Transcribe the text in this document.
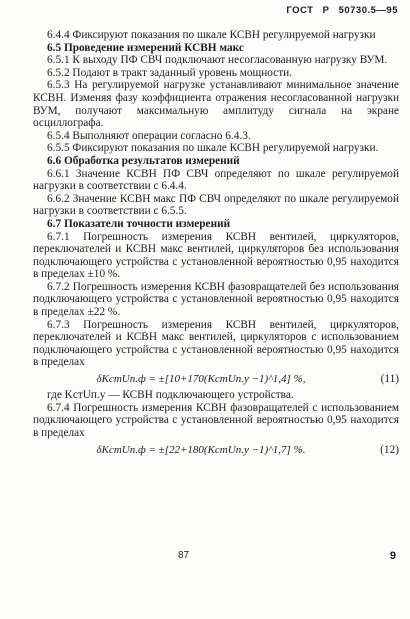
ГОСТ Р 50730.5—95

6.4.4 Фиксируют показания по шкале КСВН регулируемой нагрузки

6.5 Проведение измерений КСВН макс

6.5.1 К выходу ПФ СВЧ подключают несогласованную нагрузку ВУМ.

6.5.2 Подают в тракт заданный уровень мощности.

6.5.3 На регулируемой нагрузке устанавливают минимальное значение КСВН. Изменяя фазу коэффициента отражения несогласованной нагрузки ВУМ, получают максимальную амплитуду сигнала на экране осциллографа.

6.5.4 Выполняют операции согласно 6.4.3.

6.5.5 Фиксируют показания по шкале КСВН регулируемой нагрузки.

6.6 Обработка результатов измерений

6.6.1 Значение КСВН ПФ СВЧ определяют по шкале регулируемой нагрузки в соответствии с 6.4.4.

6.6.2 Значение КСВН макс ПФ СВЧ определяют по шкале регулируемой нагрузки в соответствии с 6.5.5.

6.7 Показатели точности измерений

6.7.1 Погрешность измерения КСВН вентилей, циркуляторов, переключателей и КСВН макс вентилей, циркуляторов без использования подключающего устройства с установленной вероятностью 0,95 находится в пределах ±10 %.

6.7.2 Погрешность измерения КСВН фазовращателей без использования подключающего устройства с установленной вероятностью 0,95 находится в пределах ±22 %.

6.7.3 Погрешность измерения КСВН вентилей, циркуляторов, переключателей и КСВН макс вентилей, циркуляторов с использованием подключающего устройства с установленной вероятностью 0,95 находится в пределах

δKстUп.ф = ±[10+170(KстUп.у −1)^1,4] %,	(11)

где KстUп.у — КСВН подключающего устройства.

6.7.4 Погрешность измерения КСВН фазовращателей с использованием подключающего устройства с установленной вероятностью 0,95 находится в пределах

δKстUп.ф = ±[22+180(KстUп.у −1)^1,7] %.	(12)
87	9
